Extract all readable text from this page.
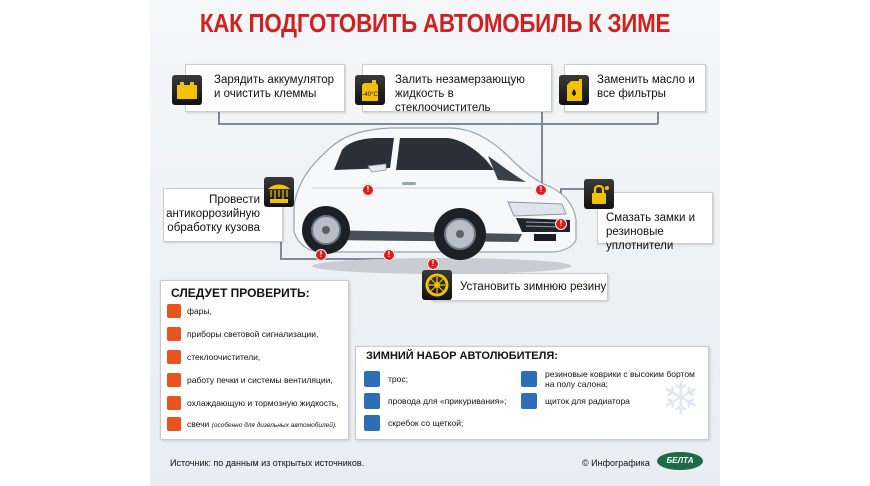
КАК ПОДГОТОВИТЬ АВТОМОБИЛЬ К ЗИМЕ
!
!
!
!	!
!
Зарядить аккумулятор
и очистить клеммы	-40°C
Залить незамерзающую
жидкость в стеклоочиститель
Заменить масло и
все фильтры
Провести
антикоррозийную
обработку кузова
Смазать замки и
резиновые уплотнители
Установить зимнюю резину
СЛЕДУЕТ ПРОВЕРИТЬ:
фары,
приборы световой сигнализации,
стеклоочистители,
работу печки и системы вентиляции,
охлаждающую и тормозную жидкость,
свечи (особенно для дизельных автомобилей).
ЗИМНИЙ НАБОР АВТОЛЮБИТЕЛЯ:
трос;
провода для «прикуривания»;
скребок со щеткой;
резиновые коврики с высоким бортом на полу салона;
щиток для радиатора ❄
Источник: по данным из открытых источников.	© Инфографика	БЕЛТА
